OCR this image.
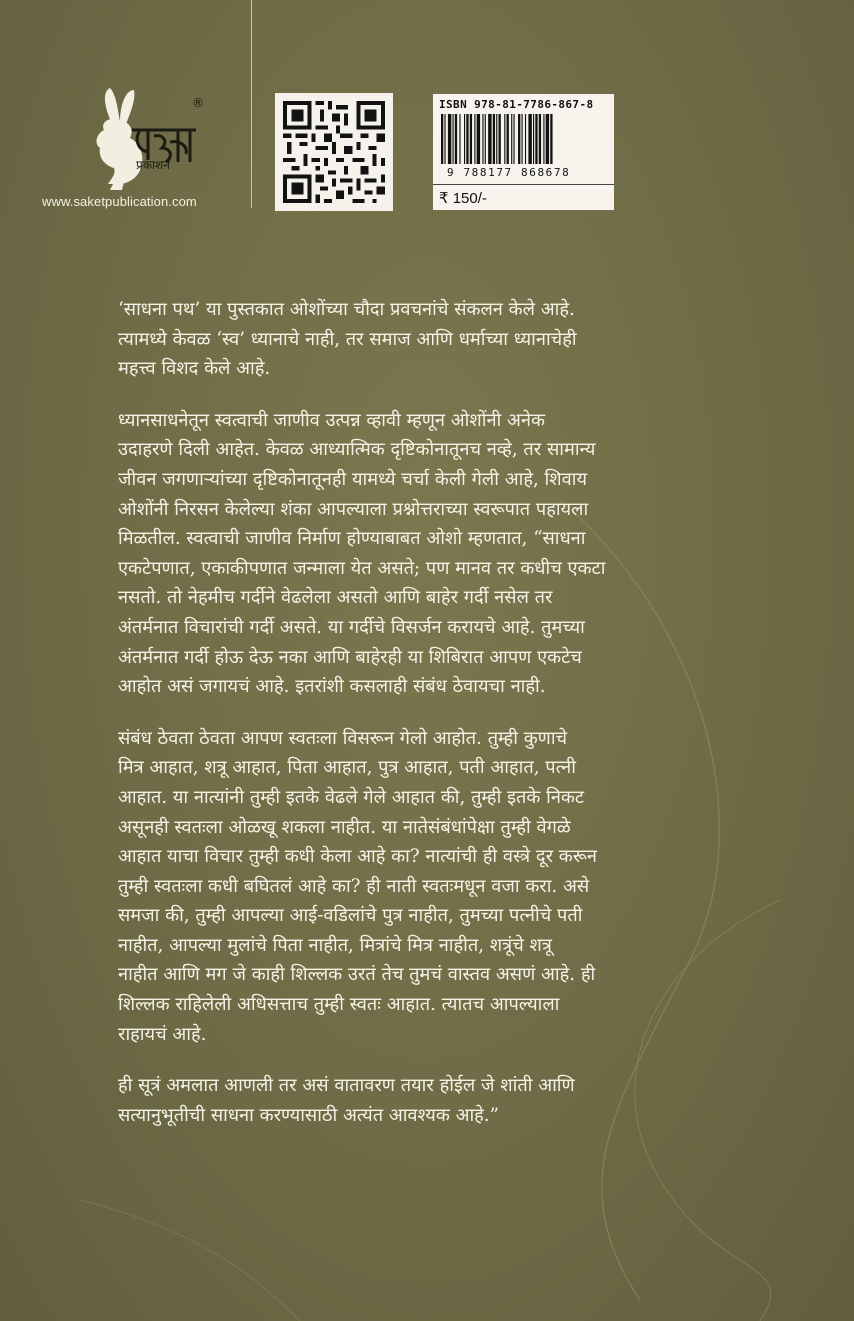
साकेत
®
प्रकाशन
www.saketpublication.com
ISBN 978-81-7786-867-8
9 788177 868678
₹ 150/-

‘साधना पथ’ या पुस्तकात ओशोंच्या चौदा प्रवचनांचे संकलन केले आहे.
त्यामध्ये केवळ ‘स्व’ ध्यानाचे नाही, तर समाज आणि धर्माच्या ध्यानाचेही
महत्त्व विशद केले आहे.

ध्यानसाधनेतून स्वत्वाची जाणीव उत्पन्न व्हावी म्हणून ओशोंनी अनेक
उदाहरणे दिली आहेत. केवळ आध्यात्मिक दृष्टिकोनातूनच नव्हे, तर सामान्य
जीवन जगणाऱ्यांच्या दृष्टिकोनातूनही यामध्ये चर्चा केली गेली आहे, शिवाय
ओशोंनी निरसन केलेल्या शंका आपल्याला प्रश्नोत्तराच्या स्वरूपात पहायला
मिळतील. स्वत्वाची जाणीव निर्माण होण्याबाबत ओशो म्हणतात, “साधना
एकटेपणात, एकाकीपणात जन्माला येत असते; पण मानव तर कधीच एकटा
नसतो. तो नेहमीच गर्दीने वेढलेला असतो आणि बाहेर गर्दी नसेल तर
अंतर्मनात विचारांची गर्दी असते. या गर्दीचे विसर्जन करायचे आहे. तुमच्या
अंतर्मनात गर्दी होऊ देऊ नका आणि बाहेरही या शिबिरात आपण एकटेच
आहोत असं जगायचं आहे. इतरांशी कसलाही संबंध ठेवायचा नाही.

संबंध ठेवता ठेवता आपण स्वतःला विसरून गेलो आहोत. तुम्ही कुणाचे
मित्र आहात, शत्रू आहात, पिता आहात, पुत्र आहात, पती आहात, पत्नी
आहात. या नात्यांनी तुम्ही इतके वेढले गेले आहात की, तुम्ही इतके निकट
असूनही स्वतःला ओळखू शकला नाहीत. या नातेसंबंधांपेक्षा तुम्ही वेगळे
आहात याचा विचार तुम्ही कधी केला आहे का? नात्यांची ही वस्त्रे दूर करून
तुम्ही स्वतःला कधी बघितलं आहे का? ही नाती स्वतःमधून वजा करा. असे
समजा की, तुम्ही आपल्या आई-वडिलांचे पुत्र नाहीत, तुमच्या पत्नीचे पती
नाहीत, आपल्या मुलांचे पिता नाहीत, मित्रांचे मित्र नाहीत, शत्रूंचे शत्रू
नाहीत आणि मग जे काही शिल्लक उरतं तेच तुमचं वास्तव असणं आहे. ही
शिल्लक राहिलेली अधिसत्ताच तुम्ही स्वतः आहात. त्यातच आपल्याला
राहायचं आहे.

ही सूत्रं अमलात आणली तर असं वातावरण तयार होईल जे शांती आणि
सत्यानुभूतीची साधना करण्यासाठी अत्यंत आवश्यक आहे.”
